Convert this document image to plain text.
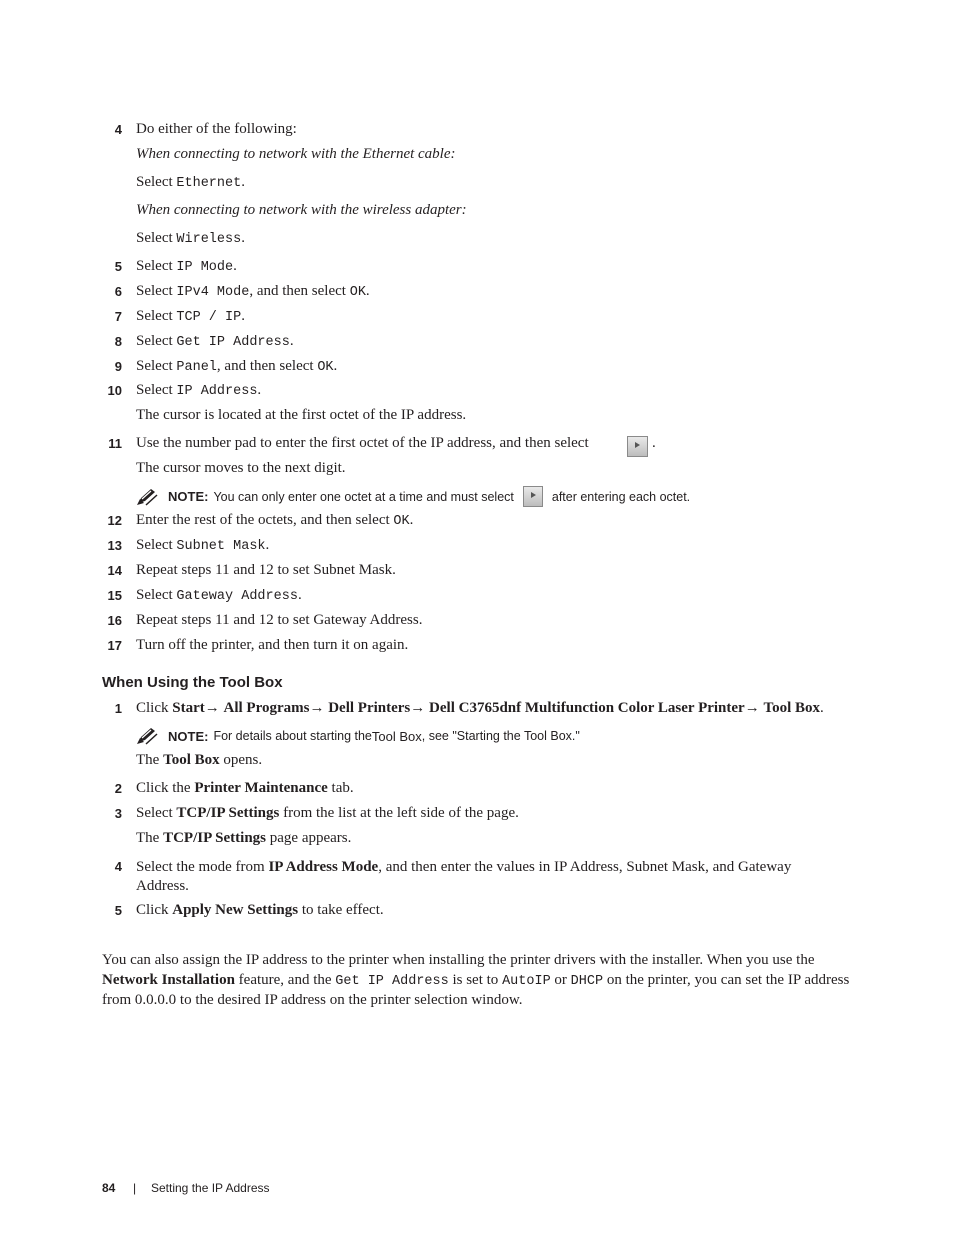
4 Do either of the following:
When connecting to network with the Ethernet cable:
Select Ethernet.
When connecting to network with the wireless adapter:
Select Wireless.
5 Select IP Mode.
6 Select IPv4 Mode, and then select OK.
7 Select TCP / IP.
8 Select Get IP Address.
9 Select Panel, and then select OK.
10 Select IP Address.
The cursor is located at the first octet of the IP address.
11 Use the number pad to enter the first octet of the IP address, and then select	.
The cursor moves to the next digit.
NOTE: You can only enter one octet at a time and must select	after entering each octet.
12 Enter the rest of the octets, and then select OK.
13 Select Subnet Mask.
14 Repeat steps 11 and 12 to set Subnet Mask.
15 Select Gateway Address.
16 Repeat steps 11 and 12 to set Gateway Address.
17 Turn off the printer, and then turn it on again.
When Using the Tool Box
1 Click Start→ All Programs→ Dell Printers→ Dell C3765dnf Multifunction Color Laser Printer→ Tool Box.
NOTE: For details about starting the Tool Box , see "Starting the Tool Box."
The Tool Box opens.
2 Click the Printer Maintenance tab.
3 Select TCP/IP Settings from the list at the left side of the page.
The TCP/IP Settings page appears.
4 Select the mode from IP Address Mode, and then enter the values in IP Address, Subnet Mask, and Gateway Address.
5 Click Apply New Settings to take effect.
You can also assign the IP address to the printer when installing the printer drivers with the installer. When you use the Network Installation feature, and the Get IP Address is set to AutoIP or DHCP on the printer, you can set the IP address from 0.0.0.0 to the desired IP address on the printer selection window.
84 | Setting the IP Address
